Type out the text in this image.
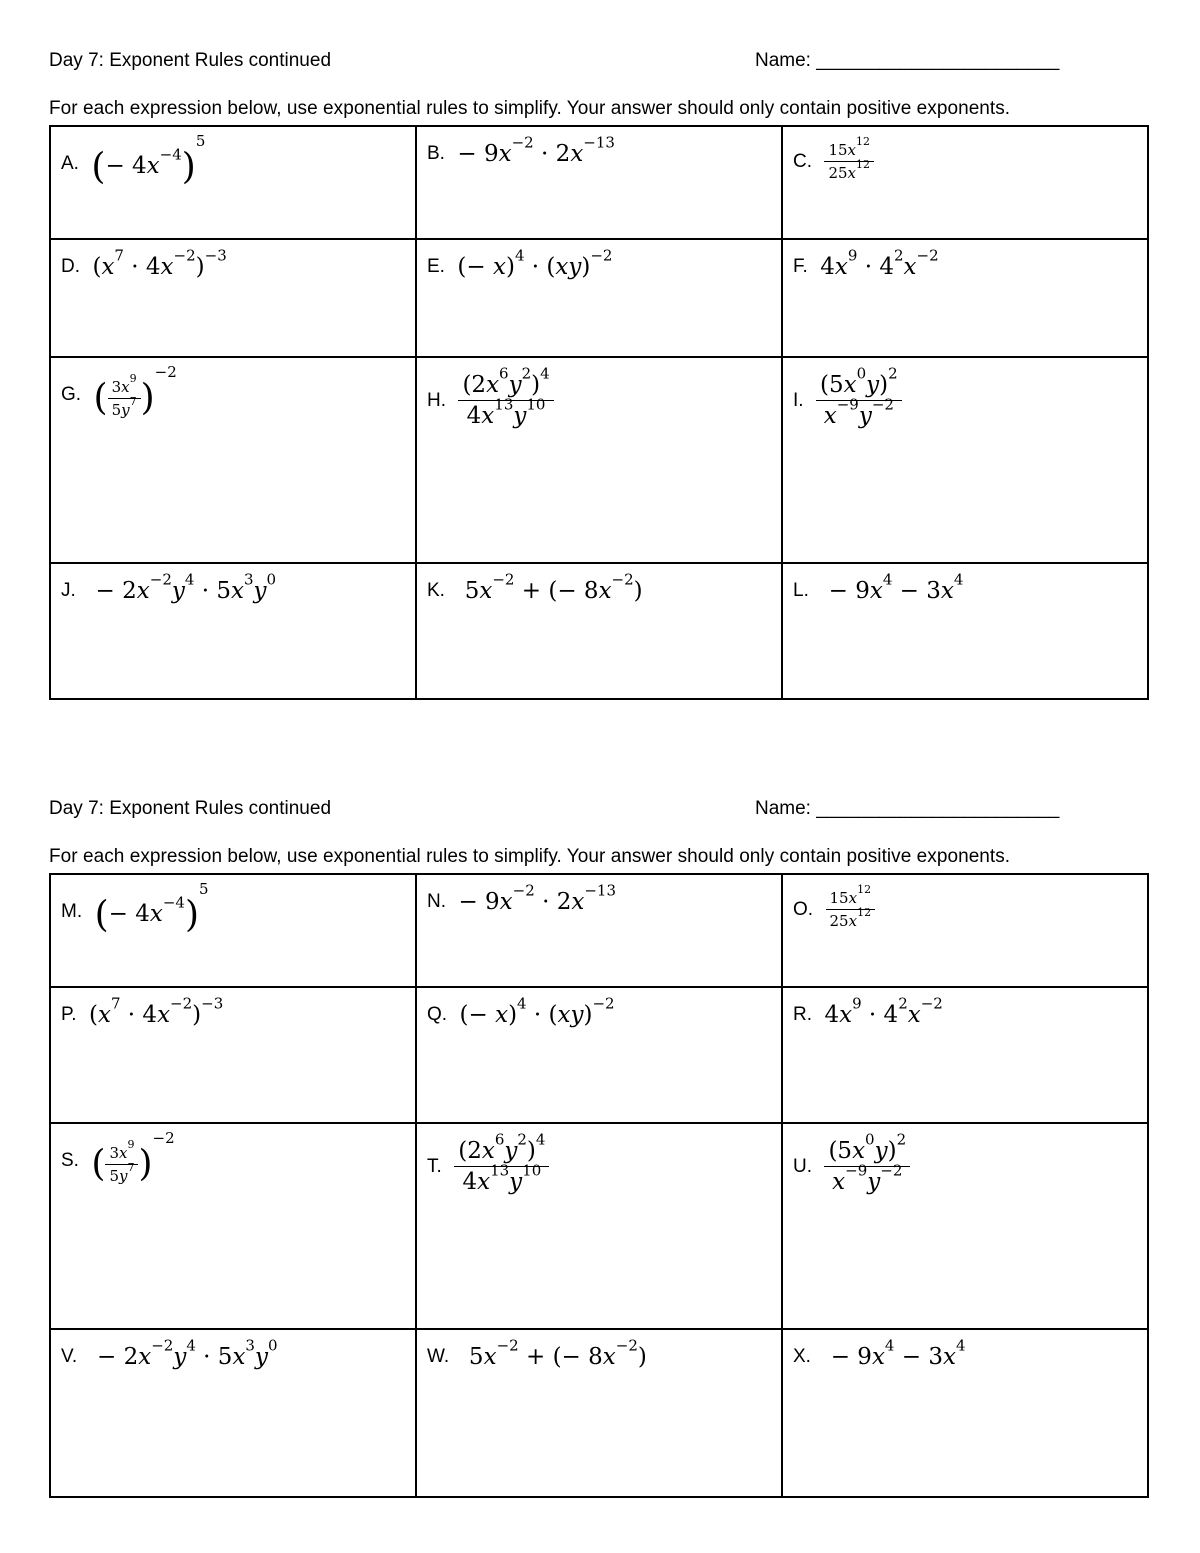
Day 7: Exponent Rules continued	Name: _______________________
For each expression below, use exponential rules to simplify. Your answer should only contain positive exponents.
A. (− $4x^{-4})^5$	B. − $9x^{-2} \cdot 2x^{-13}$	C. $\frac{15x^{12}}{25x^{12}}$

D. $(x^7 \cdot 4x^{-2})^{-3}$	E. (− x)$^4$ · (xy)$^{-2}$	F. $4x^9 \cdot 4^2x^{-2}$

G. ( $\frac{3x^9}{5y^7} )^{-2}$	H. $\frac{(2x^6y^2)^4}{4x^{13}y^{10}}$	I. $\frac{(5x^0y)^2}{x^{-9}y^{-2}}$

J.  − $2x^{-2}y^4 \cdot 5x^3y^0$	K.  $5x^{-2}$ + (− $8x^{-2}$)	L.  − $9x^4 - 3x^4$
Day 7: Exponent Rules continued	Name: _______________________
For each expression below, use exponential rules to simplify. Your answer should only contain positive exponents.
M. (− $4x^{-4})^5$	N. − $9x^{-2} \cdot 2x^{-13}$	O. $\frac{15x^{12}}{25x^{12}}$

P. $(x^7 \cdot 4x^{-2})^{-3}$	Q. (− x)$^4$ · (xy)$^{-2}$	R. $4x^9 \cdot 4^2x^{-2}$

S. ( $\frac{3x^9}{5y^7} )^{-2}$	T. $\frac{(2x^6y^2)^4}{4x^{13}y^{10}}$	U. $\frac{(5x^0y)^2}{x^{-9}y^{-2}}$

V.  − $2x^{-2}y^4 \cdot 5x^3y^0$	W.  $5x^{-2}$ + (− $8x^{-2}$)	X.  − $9x^4 - 3x^4$
